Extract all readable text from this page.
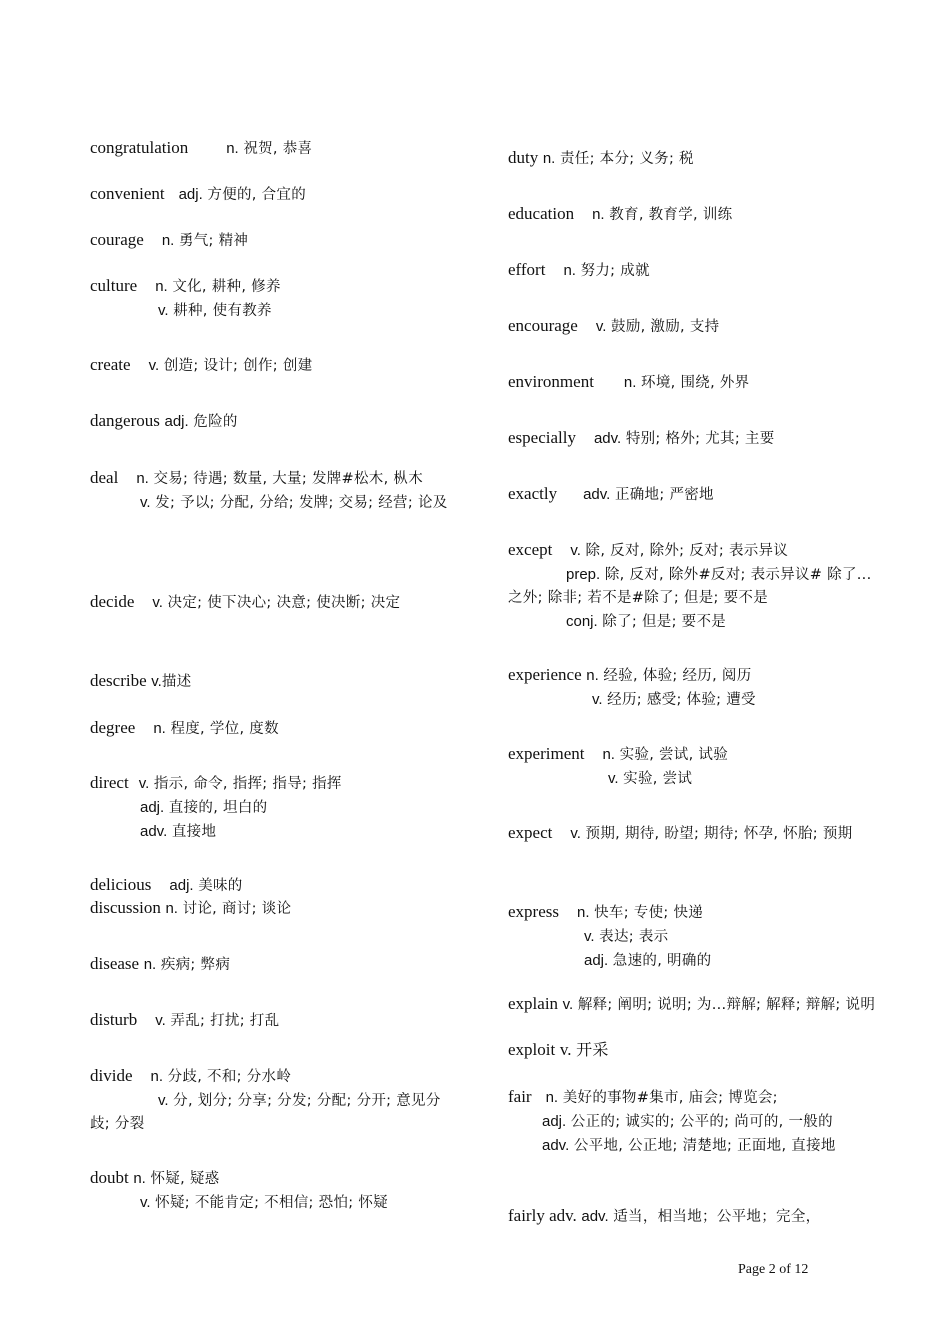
congratulation	n. 祝贺, 恭喜
convenient adj. 方便的, 合宜的
courage n. 勇气; 精神
culture n. 文化, 耕种, 修养
v. 耕种, 使有教养
create v. 创造; 设计; 创作; 创建
dangerous adj. 危险的
deal n. 交易; 待遇; 数量, 大量; 发牌#松木, 枞木
v. 发; 予以; 分配, 分给; 发牌; 交易; 经营; 论及
decide v. 决定; 使下决心; 决意; 使决断; 决定
describe v.描述
degree n. 程度, 学位, 度数
direct v. 指示, 命令, 指挥; 指导; 指挥
adj. 直接的, 坦白的
adv. 直接地
delicious adj. 美味的
discussion n. 讨论, 商讨; 谈论
disease n. 疾病; 弊病
disturb v. 弄乱; 打扰; 打乱
divide n. 分歧, 不和; 分水岭
v. 分, 划分; 分享; 分发; 分配; 分开; 意见分歧; 分裂
doubt n. 怀疑, 疑惑
v. 怀疑; 不能肯定; 不相信; 恐怕; 怀疑
duty n. 责任; 本分; 义务; 税
education n. 教育, 教育学, 训练
effort n. 努力; 成就
encourage v. 鼓励, 激励, 支持
environment n. 环境, 围绕, 外界
especially adv. 特别; 格外; 尤其; 主要
exactly adv. 正确地; 严密地
except v. 除, 反对, 除外; 反对; 表示异议
prep. 除, 反对, 除外#反对; 表示异议# 除了...之外; 除非; 若不是#除了; 但是; 要不是
conj. 除了; 但是; 要不是
experience n. 经验, 体验; 经历, 阅历
v. 经历; 感受; 体验; 遭受
experiment n. 实验, 尝试, 试验
v. 实验, 尝试
expect v. 预期, 期待, 盼望; 期待; 怀孕, 怀胎; 预期
express n. 快车; 专使; 快递
v. 表达; 表示
adj. 急速的, 明确的
explain v. 解释; 阐明; 说明; 为...辩解; 解释; 辩解; 说明
exploit v. 开采
fair n. 美好的事物#集市, 庙会; 博览会;
adj. 公正的; 诚实的; 公平的; 尚可的, 一般的
adv. 公平地, 公正地; 清楚地; 正面地, 直接地
fairly adv. adv. 适当，相当地；公平地；完全，
Page 2 of 12
